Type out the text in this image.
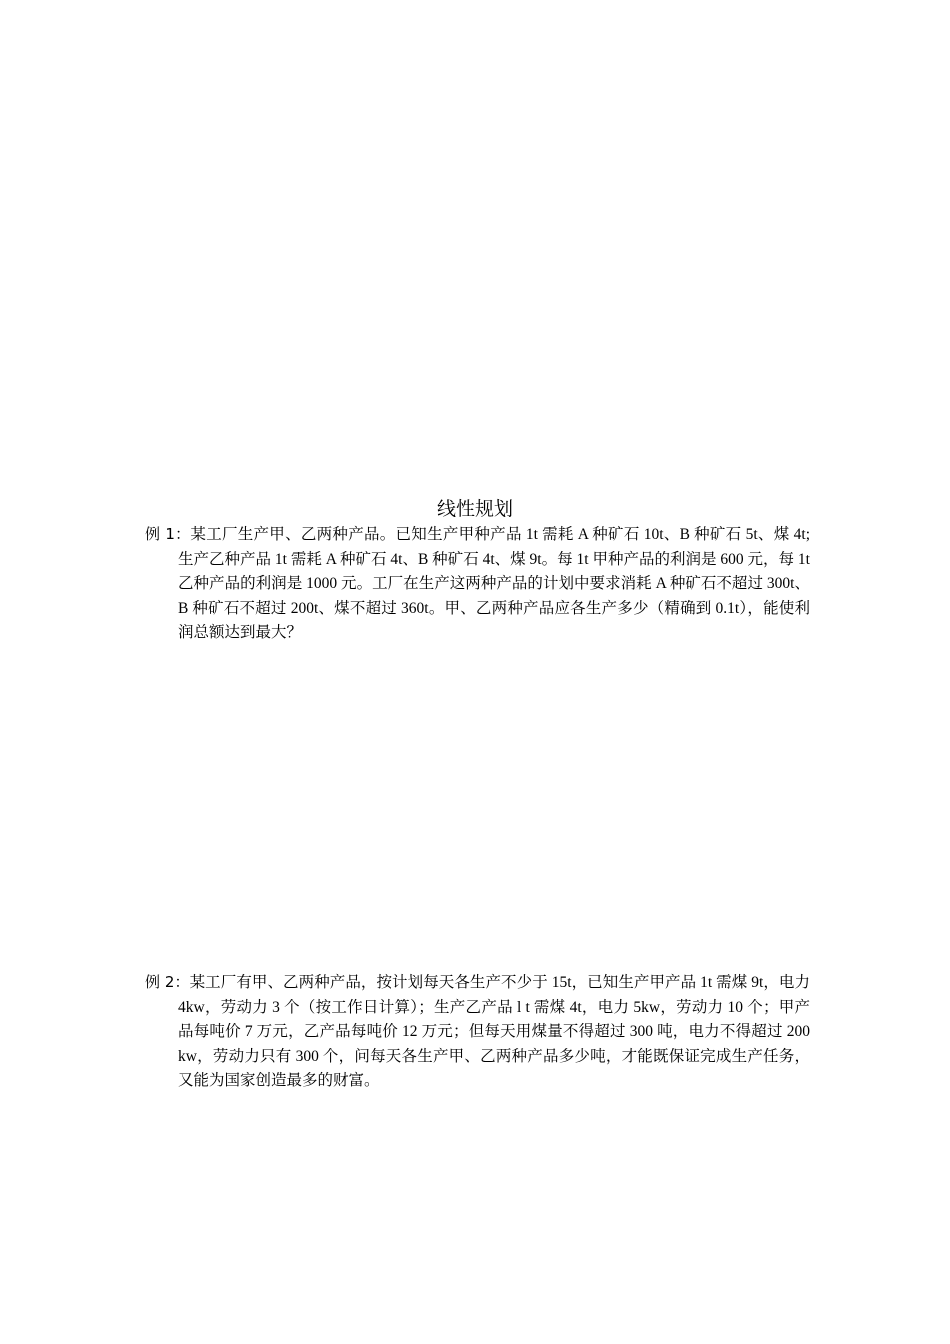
线性规划
例 1：某工厂生产甲、乙两种产品。已知生产甲种产品 1t 需耗 A 种矿石 10t、B 种矿石 5t、煤 4t; 生产乙种产品 1t 需耗 A 种矿石 4t、B 种矿石 4t、煤 9t。每 1t 甲种产品的利润是 600 元，每 1t 乙种产品的利润是 1000 元。工厂在生产这两种产品的计划中要求消耗 A 种矿石不超过 300t、B 种矿石不超过 200t、煤不超过 360t。甲、乙两种产品应各生产多少（精确到 0.1t），能使利润总额达到最大？
例 2：某工厂有甲、乙两种产品，按计划每天各生产不少于 15t，已知生产甲产品 1t 需煤 9t，电力 4kw，劳动力 3 个（按工作日计算）；生产乙产品 l t 需煤 4t，电力 5kw，劳动力 10 个；甲产品每吨价 7 万元，乙产品每吨价 12 万元；但每天用煤量不得超过 300 吨，电力不得超过 200 kw，劳动力只有 300 个，问每天各生产甲、乙两种产品多少吨，才能既保证完成生产任务，又能为国家创造最多的财富。
